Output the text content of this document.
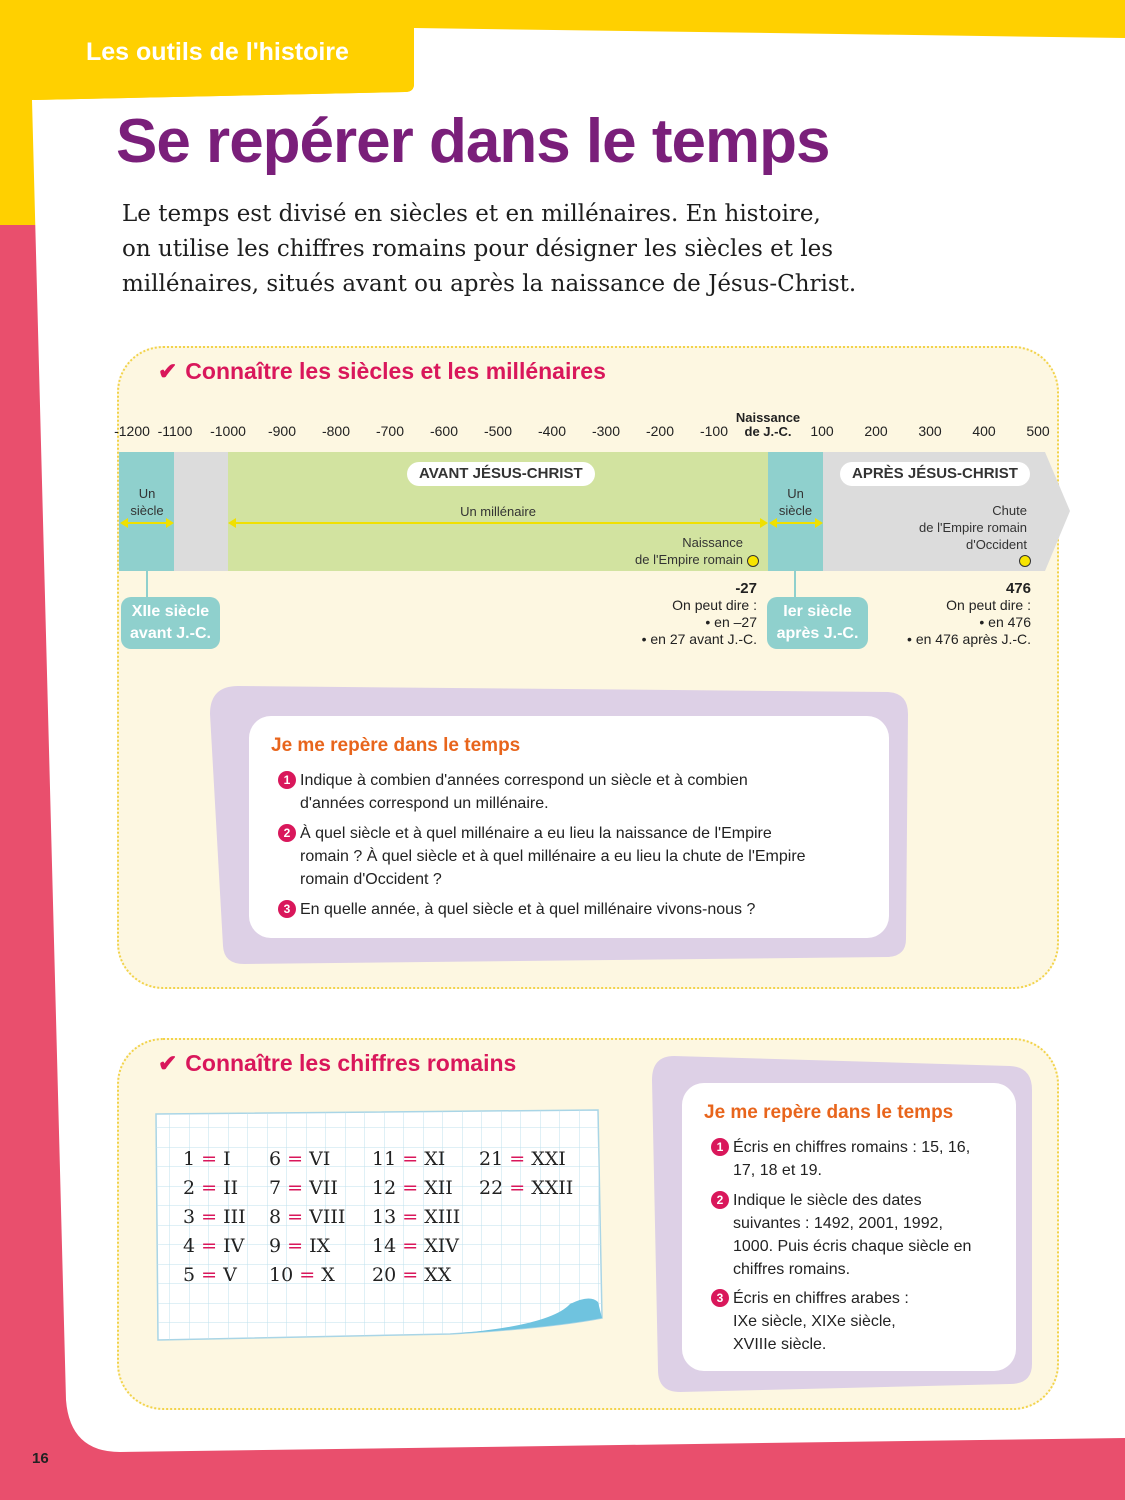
Les outils de l'histoire
Se repérer dans le temps

Le temps est divisé en siècles et en millénaires. En histoire,
on utilise les chiffres romains pour désigner les siècles et les
millénaires, situés avant ou après la naissance de Jésus-Christ.

✔ Connaître les siècles et les millénaires
-1200 -1100 -1000 -900 -800 -700 -600 -500 -400 -300 -200 -100	100 200 300 400 500
Naissance
de J.-C.
AVANT JÉSUS-CHRIST	APRÈS JÉSUS-CHRIST
Un
siècle
Un
siècle
Un millénaire
Naissance
de l'Empire romain
Chute
de l'Empire romain
d'Occident
XIIe siècle
avant J.-C.
Ier siècle
après J.-C.
-27
On peut dire :
• en –27
• en 27 avant J.-C.
476
On peut dire :
• en 476
• en 476 après J.-C.
Je me repère dans le temps
1 Indique à combien d'années correspond un siècle et à combien
d'années correspond un millénaire.
2 À quel siècle et à quel millénaire a eu lieu la naissance de l'Empire
romain ? À quel siècle et à quel millénaire a eu lieu la chute de l'Empire
romain d'Occident ?
3 En quelle année, à quel siècle et à quel millénaire vivons-nous ?
✔ Connaître les chiffres romains
1 = I
2 = II
3 = III
4 = IV
5 = V
6 = VI
7 = VII
8 = VIII
9 = IX
10 = X
11 = XI
12 = XII
13 = XIII
14 = XIV
20 = XX
21 = XXI
22 = XXII
Je me repère dans le temps
1 Écris en chiffres romains : 15, 16,
17, 18 et 19.
2 Indique le siècle des dates
suivantes : 1492, 2001, 1992,
1000. Puis écris chaque siècle en
chiffres romains.
3 Écris en chiffres arabes :
IXe siècle, XIXe siècle,
XVIIIe siècle.
16
